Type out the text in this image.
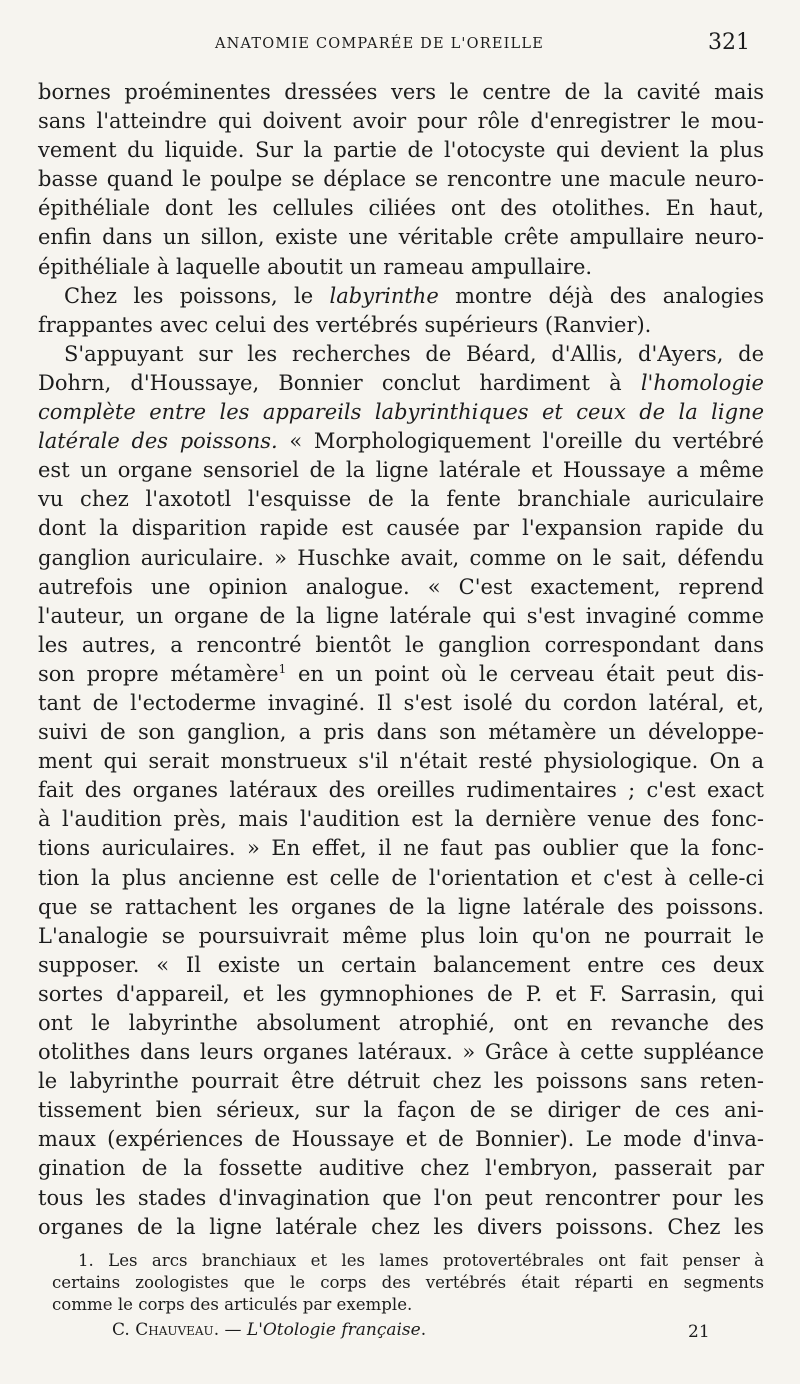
ANATOMIE COMPARÉE DE L'OREILLE	321
bornes proéminentes dressées vers le centre de la cavité mais
sans l'atteindre qui doivent avoir pour rôle d'enregistrer le mou-
vement du liquide. Sur la partie de l'otocyste qui devient la plus
basse quand le poulpe se déplace se rencontre une macule neuro-
épithéliale dont les cellules ciliées ont des otolithes. En haut,
enfin dans un sillon, existe une véritable crête ampullaire neuro-
épithéliale à laquelle aboutit un rameau ampullaire.
Chez les poissons, le labyrinthe montre déjà des analogies
frappantes avec celui des vertébrés supérieurs (Ranvier).
S'appuyant sur les recherches de Béard, d'Allis, d'Ayers, de
Dohrn, d'Houssaye, Bonnier conclut hardiment à l'homologie
complète entre les appareils labyrinthiques et ceux de la ligne
latérale des poissons. « Morphologiquement l'oreille du vertébré
est un organe sensoriel de la ligne latérale et Houssaye a même
vu chez l'axototl l'esquisse de la fente branchiale auriculaire
dont la disparition rapide est causée par l'expansion rapide du
ganglion auriculaire. » Huschke avait, comme on le sait, défendu
autrefois une opinion analogue. « C'est exactement, reprend
l'auteur, un organe de la ligne latérale qui s'est invaginé comme
les autres, a rencontré bientôt le ganglion correspondant dans
son propre métamère$^1$ en un point où le cerveau était peut dis-
tant de l'ectoderme invaginé. Il s'est isolé du cordon latéral, et,
suivi de son ganglion, a pris dans son métamère un développe-
ment qui serait monstrueux s'il n'était resté physiologique. On a
fait des organes latéraux des oreilles rudimentaires ; c'est exact
à l'audition près, mais l'audition est la dernière venue des fonc-
tions auriculaires. » En effet, il ne faut pas oublier que la fonc-
tion la plus ancienne est celle de l'orientation et c'est à celle-ci
que se rattachent les organes de la ligne latérale des poissons.
L'analogie se poursuivrait même plus loin qu'on ne pourrait le
supposer. « Il existe un certain balancement entre ces deux
sortes d'appareil, et les gymnophiones de P. et F. Sarrasin, qui
ont le labyrinthe absolument atrophié, ont en revanche des
otolithes dans leurs organes latéraux. » Grâce à cette suppléance
le labyrinthe pourrait être détruit chez les poissons sans reten-
tissement bien sérieux, sur la façon de se diriger de ces ani-
maux (expériences de Houssaye et de Bonnier). Le mode d'inva-
gination de la fossette auditive chez l'embryon, passerait par
tous les stades d'invagination que l'on peut rencontrer pour les
organes de la ligne latérale chez les divers poissons. Chez les
1. Les arcs branchiaux et les lames protovertébrales ont fait penser à
certains zoologistes que le corps des vertébrés était réparti en segments
comme le corps des articulés par exemple.
C. Chauveau. — L'Otologie française.	21
